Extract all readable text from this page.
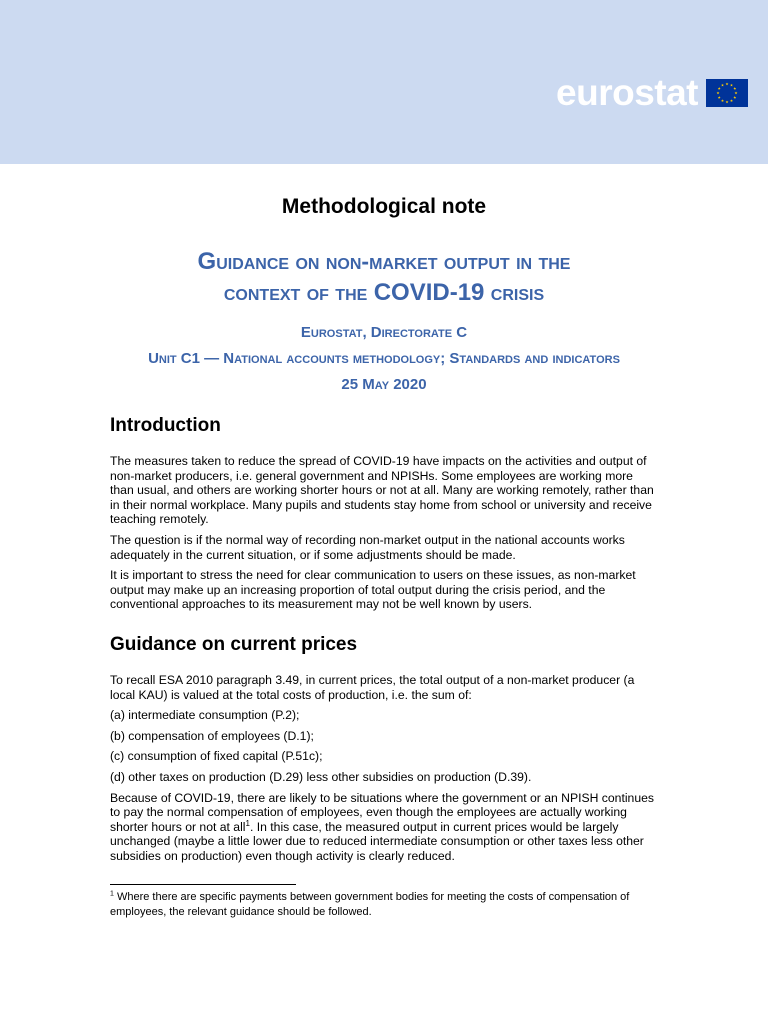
eurostat
Methodological note
Guidance on non-market output in the
context of the COVID-19 crisis
Eurostat, Directorate C
Unit C1 — National accounts methodology; Standards and indicators
25 May 2020
Introduction

The measures taken to reduce the spread of COVID-19 have impacts on the activities and output of non-market producers, i.e. general government and NPISHs. Some employees are working more than usual, and others are working shorter hours or not at all. Many are working remotely, rather than in their normal workplace. Many pupils and students stay home from school or university and receive teaching remotely.

The question is if the normal way of recording non-market output in the national accounts works adequately in the current situation, or if some adjustments should be made.

It is important to stress the need for clear communication to users on these issues, as non-market output may make up an increasing proportion of total output during the crisis period, and the conventional approaches to its measurement may not be well known by users.

Guidance on current prices

To recall ESA 2010 paragraph 3.49, in current prices, the total output of a non-market producer (a local KAU) is valued at the total costs of production, i.e. the sum of:

(a) intermediate consumption (P.2);

(b) compensation of employees (D.1);

(c) consumption of fixed capital (P.51c);

(d) other taxes on production (D.29) less other subsidies on production (D.39).

Because of COVID-19, there are likely to be situations where the government or an NPISH continues to pay the normal compensation of employees, even though the employees are actually working shorter hours or not at all$^1$. In this case, the measured output in current prices would be largely unchanged (maybe a little lower due to reduced intermediate consumption or other taxes less other subsidies on production) even though activity is clearly reduced.

$^1$ Where there are specific payments between government bodies for meeting the costs of compensation of employees, the relevant guidance should be followed.
